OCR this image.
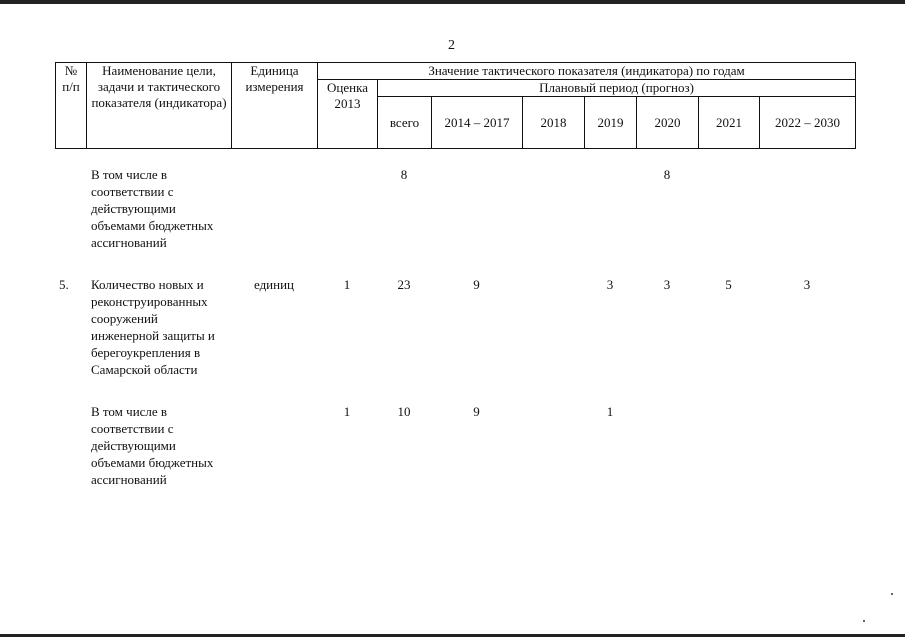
2
№ п/п	Наименование цели, задачи и тактического показателя (индикатора)	Единица измерения	Значение тактического показателя (индикатора) по годам							
			Оценка 2013	Плановый период (прогноз)						
				всего	2014 – 2017	2018	2019	2020	2021	2022 – 2030
	В том числе в соответствии с действующими объемами бюджетных ассигнований			8				8		

5.	Количество новых и реконструированных сооружений инженерной защиты и берегоукрепления в Самарской области	единиц	1	23	9		3	3	5	3

	В том числе в соответствии с действующими объемами бюджетных ассигнований		1	10	9		1			
